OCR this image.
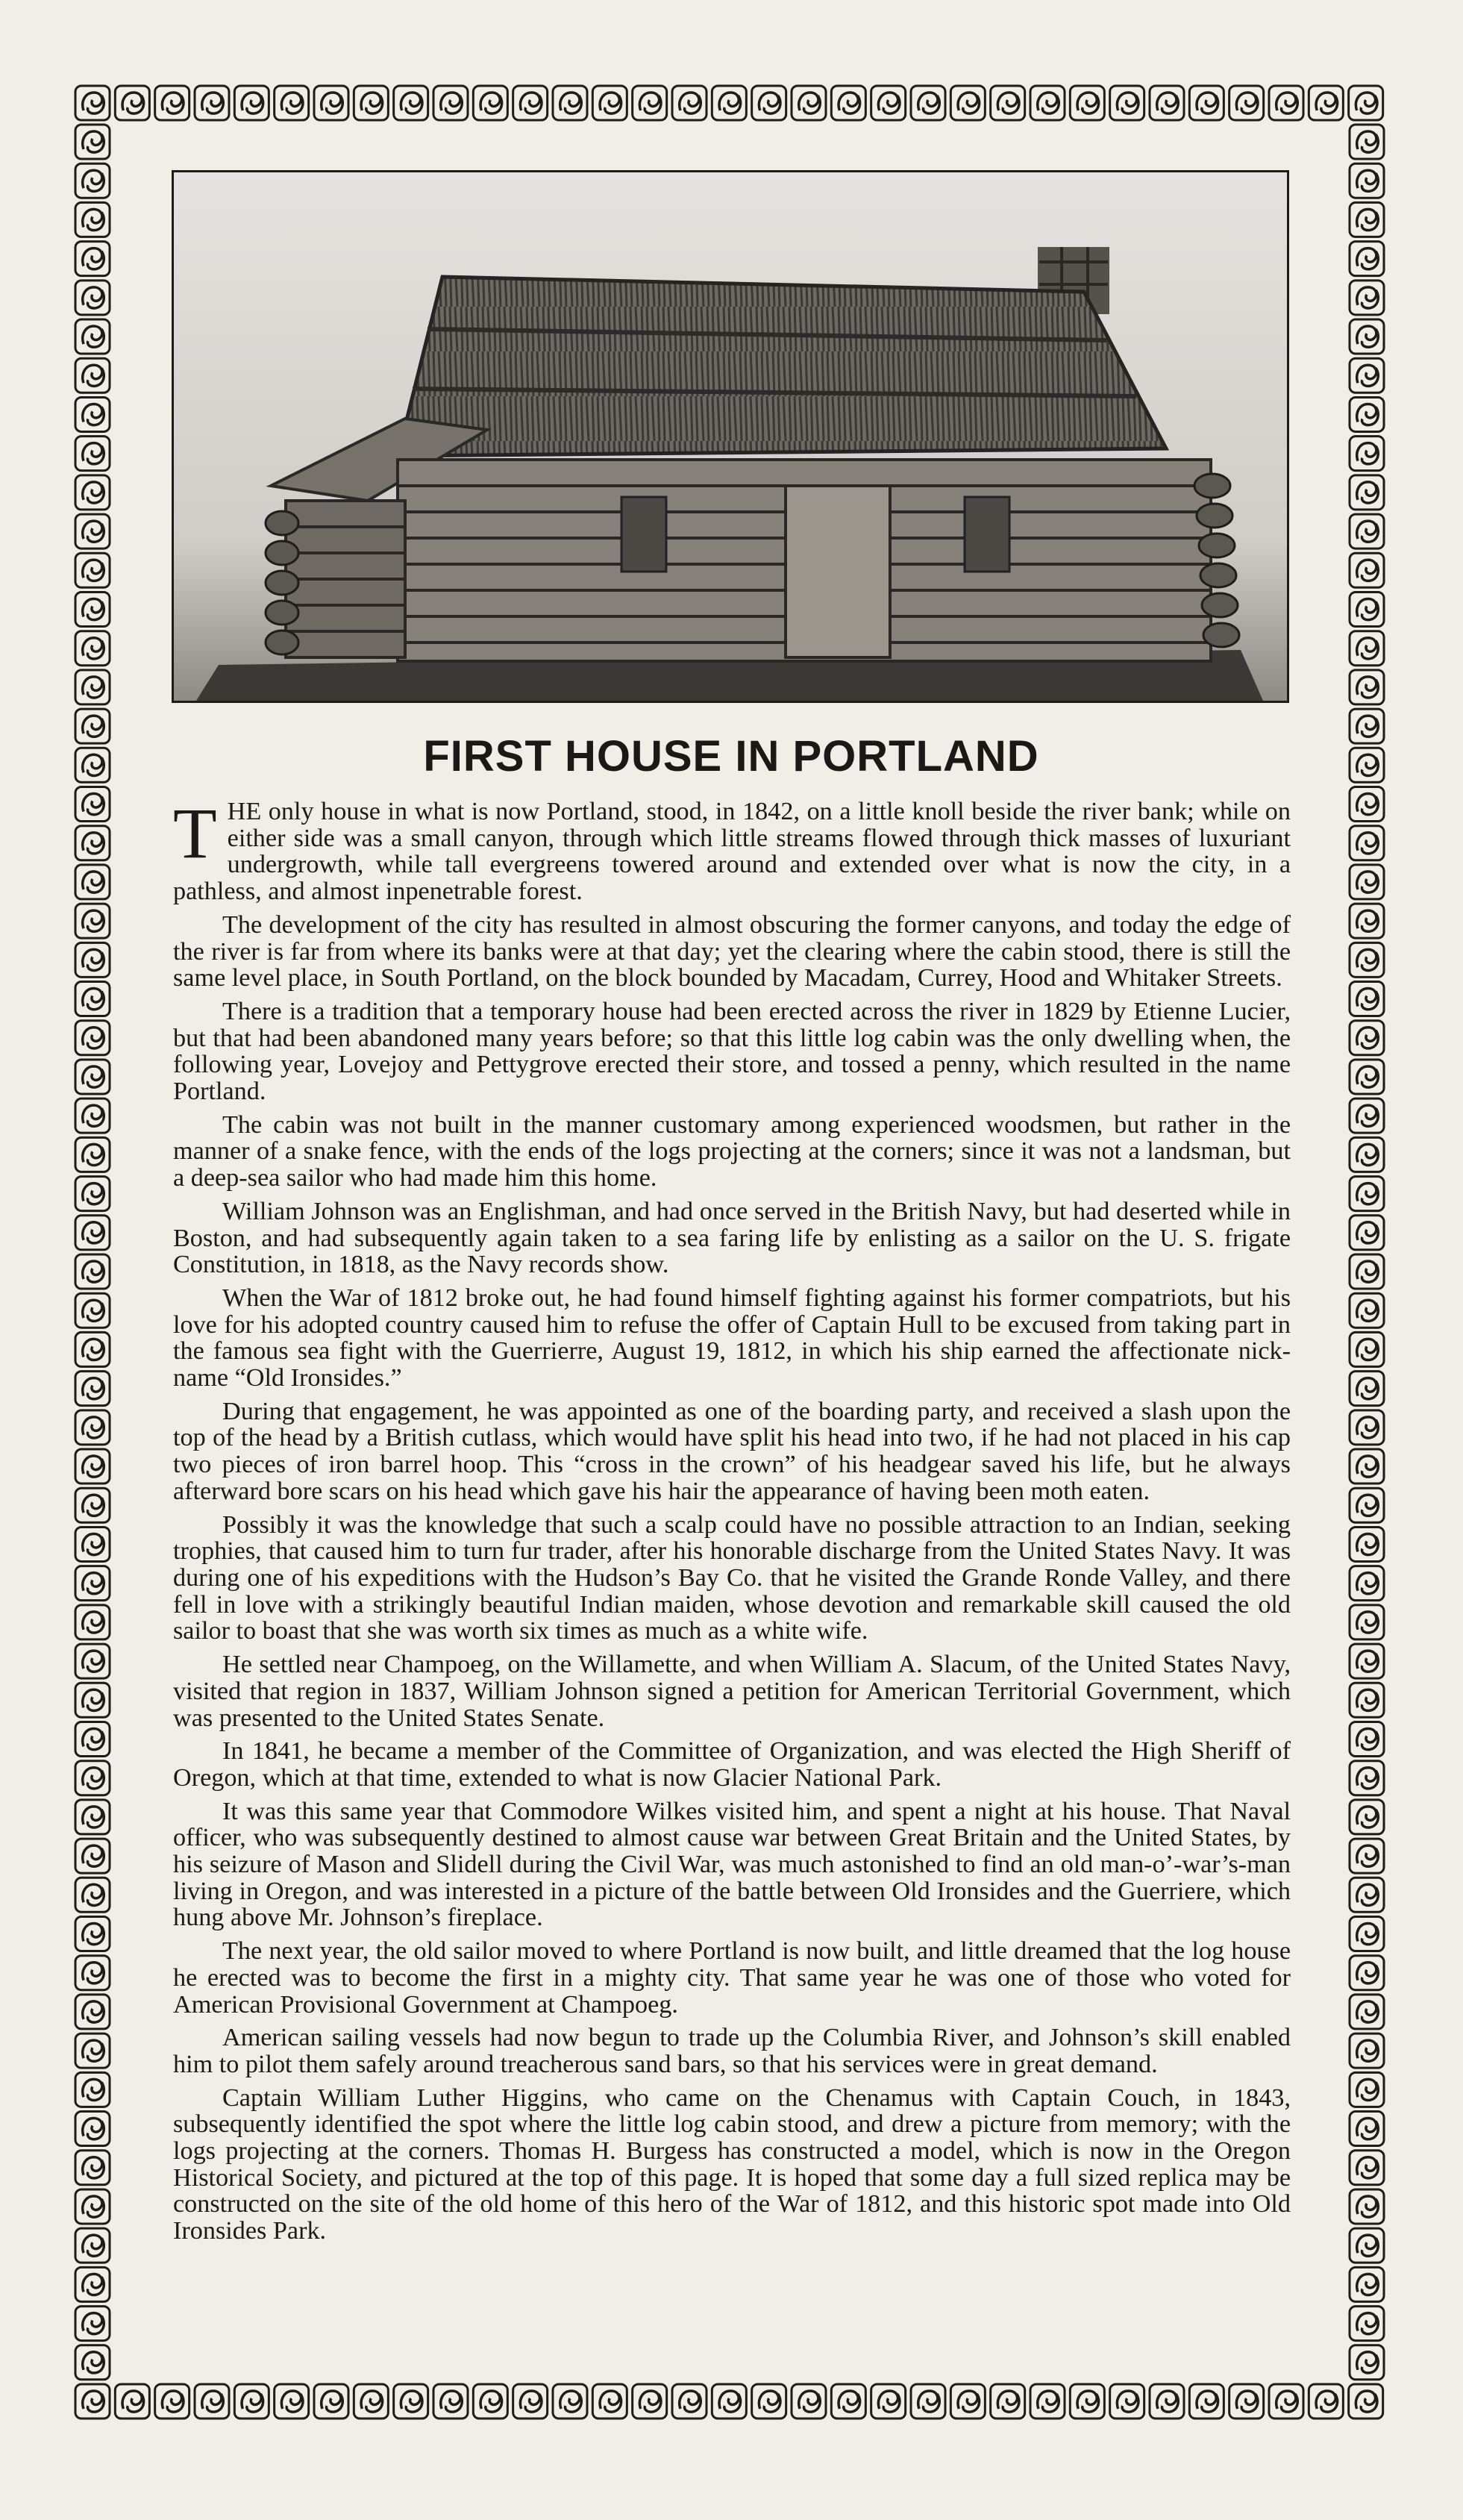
FIRST HOUSE IN PORTLAND

THE only house in what is now Portland, stood, in 1842, on a little knoll beside the river bank; while on either side was a small canyon, through which little streams flowed through thick masses of luxuriant undergrowth, while tall evergreens towered around and extended over what is now the city, in a pathless, and almost inpenetrable forest.

The development of the city has resulted in almost obscuring the former canyons, and today the edge of the river is far from where its banks were at that day; yet the clearing where the cabin stood, there is still the same level place, in South Portland, on the block bounded by Macadam, Currey, Hood and Whitaker Streets.

There is a tradition that a temporary house had been erected across the river in 1829 by Etienne Lucier, but that had been abandoned many years before; so that this little log cabin was the only dwelling when, the following year, Lovejoy and Pettygrove erected their store, and tossed a penny, which resulted in the name Portland.

The cabin was not built in the manner customary among experienced woodsmen, but rather in the manner of a snake fence, with the ends of the logs projecting at the corners; since it was not a landsman, but a deep-sea sailor who had made him this home.

William Johnson was an Englishman, and had once served in the British Navy, but had deserted while in Boston, and had subsequently again taken to a sea faring life by enlisting as a sailor on the U. S. frigate Constitution, in 1818, as the Navy records show.

When the War of 1812 broke out, he had found himself fighting against his former compatriots, but his love for his adopted country caused him to refuse the offer of Captain Hull to be excused from taking part in the famous sea fight with the Guerrierre, August 19, 1812, in which his ship earned the affectionate nick-name “Old Ironsides.”

During that engagement, he was appointed as one of the boarding party, and received a slash upon the top of the head by a British cutlass, which would have split his head into two, if he had not placed in his cap two pieces of iron barrel hoop. This “cross in the crown” of his headgear saved his life, but he always afterward bore scars on his head which gave his hair the appearance of having been moth eaten.

Possibly it was the knowledge that such a scalp could have no possible attraction to an Indian, seeking trophies, that caused him to turn fur trader, after his honorable discharge from the United States Navy. It was during one of his expeditions with the Hudson’s Bay Co. that he visited the Grande Ronde Valley, and there fell in love with a strikingly beautiful Indian maiden, whose devotion and remarkable skill caused the old sailor to boast that she was worth six times as much as a white wife.

He settled near Champoeg, on the Willamette, and when William A. Slacum, of the United States Navy, visited that region in 1837, William Johnson signed a petition for American Territorial Government, which was presented to the United States Senate.

In 1841, he became a member of the Committee of Organization, and was elected the High Sheriff of Oregon, which at that time, extended to what is now Glacier National Park.

It was this same year that Commodore Wilkes visited him, and spent a night at his house. That Naval officer, who was subsequently destined to almost cause war between Great Britain and the United States, by his seizure of Mason and Slidell during the Civil War, was much astonished to find an old man-o’-war’s-man living in Oregon, and was interested in a picture of the battle between Old Ironsides and the Guerriere, which hung above Mr. Johnson’s fireplace.

The next year, the old sailor moved to where Portland is now built, and little dreamed that the log house he erected was to become the first in a mighty city. That same year he was one of those who voted for American Provisional Government at Champoeg.

American sailing vessels had now begun to trade up the Columbia River, and Johnson’s skill enabled him to pilot them safely around treacherous sand bars, so that his services were in great demand.

Captain William Luther Higgins, who came on the Chenamus with Captain Couch, in 1843, subsequently identified the spot where the little log cabin stood, and drew a picture from memory; with the logs projecting at the corners. Thomas H. Burgess has constructed a model, which is now in the Oregon Historical Society, and pictured at the top of this page. It is hoped that some day a full sized replica may be constructed on the site of the old home of this hero of the War of 1812, and this historic spot made into Old Ironsides Park.
